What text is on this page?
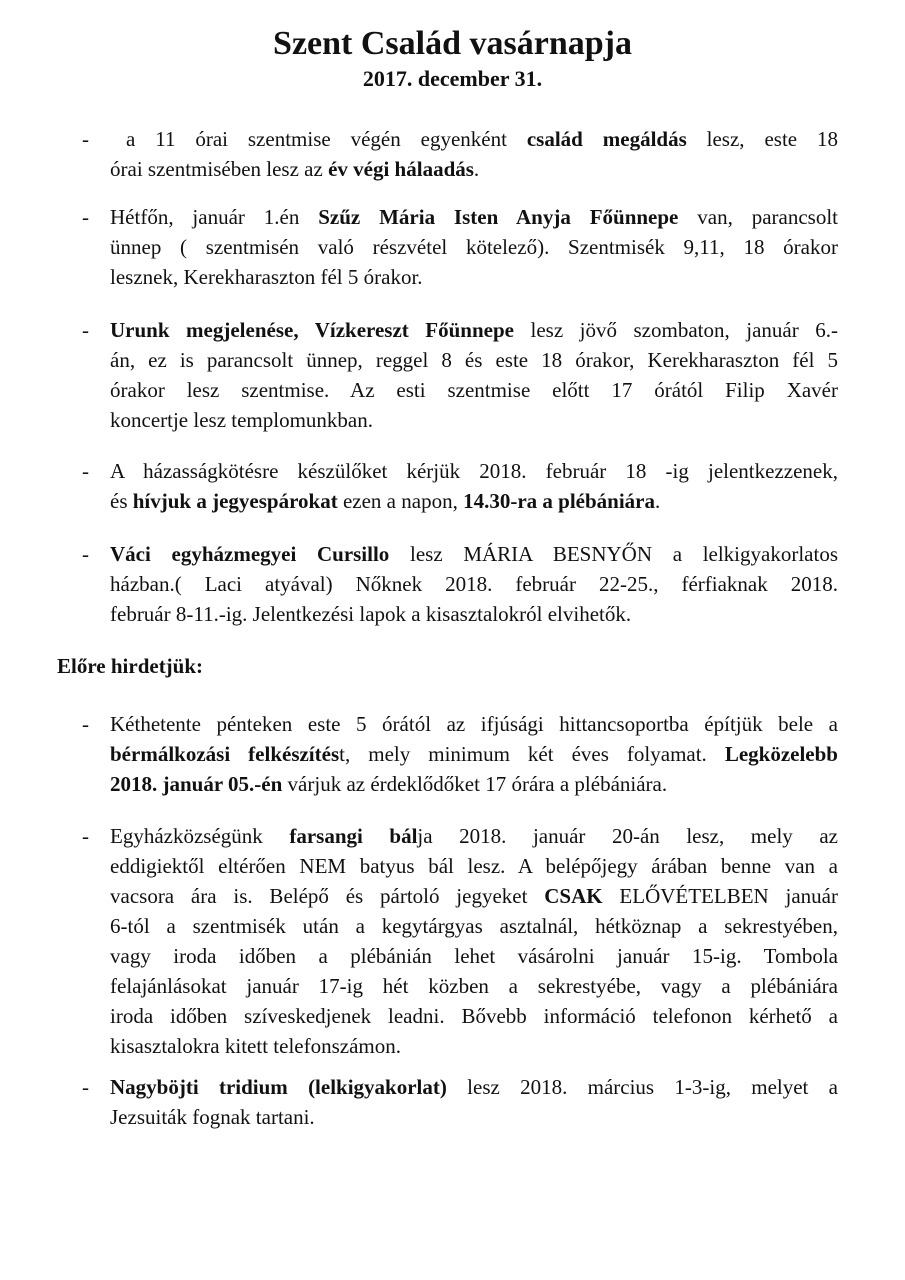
Szent Család vasárnapja
2017. december 31.
-	a 11 órai szentmise végén egyenként család megáldás lesz, este 18
órai szentmisében lesz az év végi hálaadás.
- Hétfőn, január 1.én Szűz Mária Isten Anyja Főünnepe van, parancsolt
ünnep ( szentmisén való részvétel kötelező). Szentmisék 9,11, 18 órakor
lesznek, Kerekharaszton fél 5 órakor.
- Urunk megjelenése, Vízkereszt Főünnepe lesz jövő szombaton, január 6.-
án, ez is parancsolt ünnep, reggel 8 és este 18 órakor, Kerekharaszton fél 5
órakor lesz szentmise. Az esti szentmise előtt 17 órától Filip Xavér
koncertje lesz templomunkban.
- A házasságkötésre készülőket kérjük 2018. február 18 -ig jelentkezzenek,
és hívjuk a jegyespárokat ezen a napon, 14.30-ra a plébániára.
- Váci egyházmegyei Cursillo lesz MÁRIA BESNYŐN a lelkigyakorlatos
házban.( Laci atyával) Nőknek 2018. február 22-25., férfiaknak 2018.
február 8-11.-ig. Jelentkezési lapok a kisasztalokról elvihetők.
Előre hirdetjük:
- Kéthetente pénteken este 5 órától az ifjúsági hittancsoportba építjük bele a
bérmálkozási felkészítést, mely minimum két éves folyamat. Legközelebb
2018. január 05.-én várjuk az érdeklődőket 17 órára a plébániára.
- Egyházközségünk farsangi bálja 2018. január 20-án lesz, mely az
eddigiektől eltérően NEM batyus bál lesz. A belépőjegy árában benne van a
vacsora ára is. Belépő és pártoló jegyeket CSAK ELŐVÉTELBEN január
6-tól a szentmisék után a kegytárgyas asztalnál, hétköznap a sekrestyében,
vagy iroda időben a plébánián lehet vásárolni január 15-ig. Tombola
felajánlásokat január 17-ig hét közben a sekrestyébe, vagy a plébániára
iroda időben szíveskedjenek leadni. Bővebb információ telefonon kérhető a
kisasztalokra kitett telefonszámon.
- Nagyböjti tridium (lelkigyakorlat) lesz 2018. március 1-3-ig, melyet a
Jezsuiták fognak tartani.
